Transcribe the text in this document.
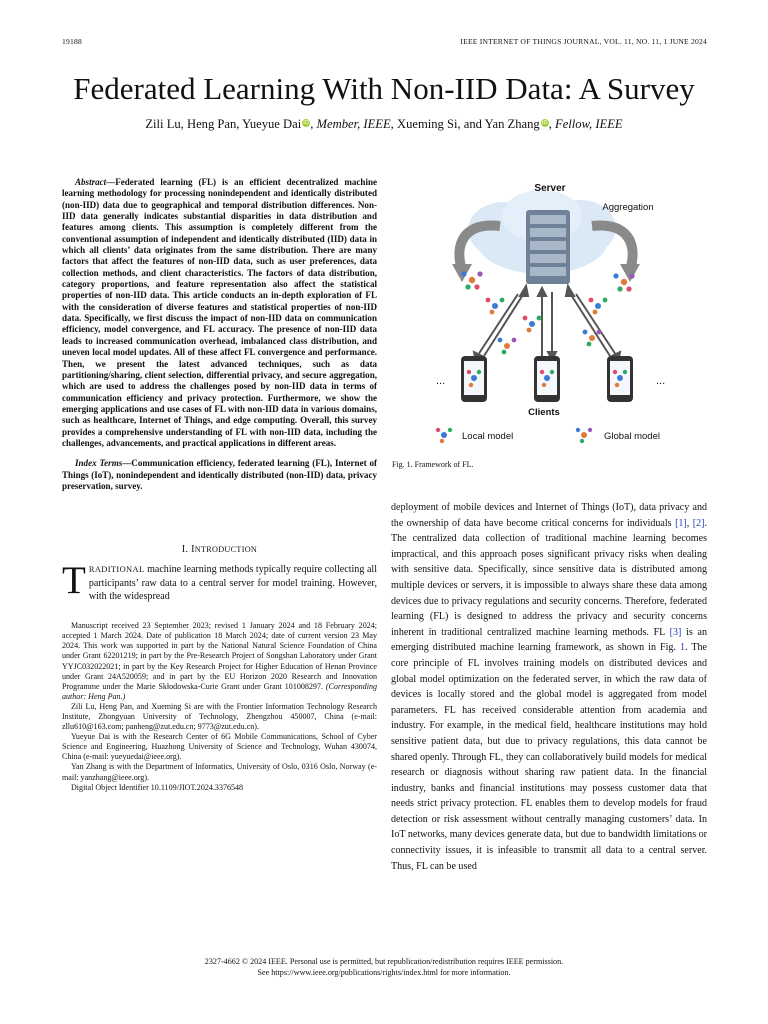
19188	IEEE INTERNET OF THINGS JOURNAL, VOL. 11, NO. 11, 1 JUNE 2024
Federated Learning With Non-IID Data: A Survey
Zili Lu, Heng Pan, Yueyue Dai iD, Member, IEEE, Xueming Si, and Yan Zhang iD, Fellow, IEEE

Abstract—Federated learning (FL) is an efficient decentralized machine learning methodology for processing nonindependent and identically distributed (non-IID) data due to geographical and temporal distribution differences. Non-IID data generally indicates substantial disparities in data distribution and features among clients. This assumption is completely different from the conventional assumption of independent and identically distributed (IID) data in which all clients’ data originates from the same distribution. There are many factors that affect the features of non-IID data, such as user preferences, data collection methods, and client characteristics. The factors of data distribution, category proportions, and feature representation also affect the statistical properties of non-IID data. This article conducts an in-depth exploration of FL with the consideration of diverse features and statistical properties of non-IID data. Specifically, we first discuss the impact of non-IID data on communication efficiency, model convergence, and FL accuracy. The presence of non-IID data leads to increased communication overhead, imbalanced class distribution, and uneven local model updates. All of these affect FL convergence and performance. Then, we present the latest advanced techniques, such as data partitioning/sharing, client selection, differential privacy, and secure aggregation, which are used to address the challenges posed by non-IID data in terms of communication efficiency and privacy protection. Furthermore, we show the emerging applications and use cases of FL with non-IID data in various domains, such as healthcare, Internet of Things, and edge computing. Overall, this survey provides a comprehensive understanding of FL with non-IID data, including the challenges, advancements, and practical applications in different areas.

Index Terms—Communication efficiency, federated learning (FL), Internet of Things (IoT), nonindependent and identically distributed (non-IID) data, privacy preservation, survey.

I. INTRODUCTION

TRADITIONAL machine learning methods typically require collecting all participants’ raw data to a central server for model training. However, with the widespread

Manuscript received 23 September 2023; revised 1 January 2024 and 18 February 2024; accepted 1 March 2024. Date of publication 18 March 2024; date of current version 23 May 2024. This work was supported in part by the National Natural Science Foundation of China under Grant 62201219; in part by the Pre-Research Project of Songshan Laboratory under Grant YYJC032022021; in part by the Key Research Project for Higher Education of Henan Province under Grant 24A520059; and in part by the EU Horizon 2020 Research and Innovation Programme under the Marie Skłodowska-Curie Grant under Grant 101008297. (Corresponding author: Heng Pan.)

Zili Lu, Heng Pan, and Xueming Si are with the Frontier Information Technology Research Institute, Zhongyuan University of Technology, Zhengzhou 450007, China (e-mail: zllu610@163.com; panheng@zut.edu.cn; 9773@zut.edu.cn).

Yueyue Dai is with the Research Center of 6G Mobile Communications, School of Cyber Science and Engineering, Huazhong University of Science and Technology, Wuhan 430074, China (e-mail: yueyuedai@ieee.org).

Yan Zhang is with the Department of Informatics, University of Oslo, 0316 Oslo, Norway (e-mail: yanzhang@ieee.org).

Digital Object Identifier 10.1109/JIOT.2024.3376548

Server
Aggregation
...	...
Clients
Local model	Global model
Fig. 1. Framework of FL.

deployment of mobile devices and Internet of Things (IoT), data privacy and the ownership of data have become critical concerns for individuals [1], [2]. The centralized data collection of traditional machine learning becomes impractical, and this approach poses significant privacy risks when dealing with sensitive data. Specifically, since sensitive data is distributed among multiple devices or servers, it is impossible to always share these data among devices due to privacy regulations and security concerns. Therefore, federated learning (FL) is designed to address the privacy and security concerns inherent in traditional centralized machine learning methods. FL [3] is an emerging distributed machine learning framework, as shown in Fig. 1. The core principle of FL involves training models on distributed devices and global model optimization on the federated server, in which the raw data of devices is locally stored and the global model is aggregated from model parameters. FL has received considerable attention from academia and industry. For example, in the medical field, healthcare institutions may hold sensitive patient data, but due to privacy regulations, this data cannot be shared openly. Through FL, they can collaboratively build models for medical research or diagnosis without sharing raw patient data. In the financial industry, banks and financial institutions may possess customer data that needs strict privacy protection. FL enables them to develop models for fraud detection or risk assessment without centrally managing customers’ data. In IoT networks, many devices generate data, but due to bandwidth limitations or connectivity issues, it is infeasible to transmit all data to a central server. Thus, FL can be used

2327-4662 © 2024 IEEE. Personal use is permitted, but republication/redistribution requires IEEE permission.
See https://www.ieee.org/publications/rights/index.html for more information.
